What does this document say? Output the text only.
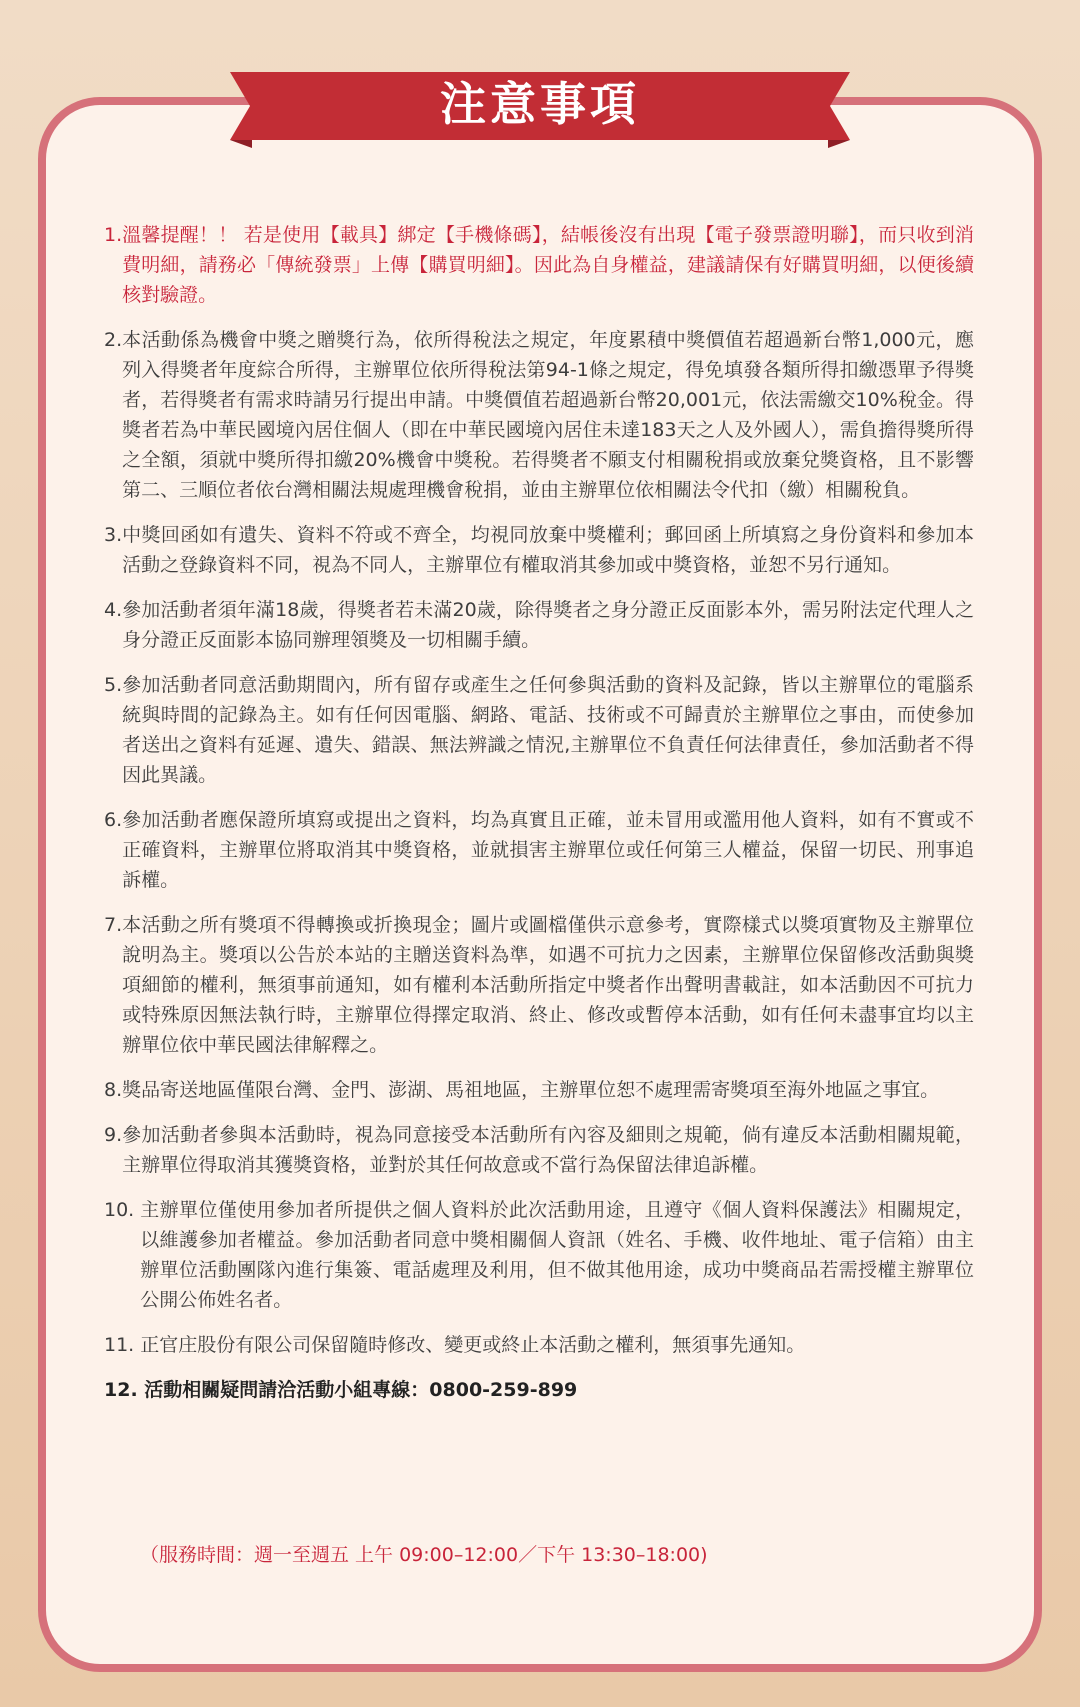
注意事項
1. 溫馨提醒！！ 若是使用【載具】綁定【手機條碼】，結帳後沒有出現【電子發票證明聯】，而只收到消費明細，請務必「傳統發票」上傳【購買明細】。因此為自身權益，建議請保有好購買明細，以便後續核對驗證。
2. 本活動係為機會中獎之贈獎行為，依所得稅法之規定，年度累積中獎價值若超過新台幣1,000元，應列入得獎者年度綜合所得，主辦單位依所得稅法第94-1條之規定，得免填發各類所得扣繳憑單予得獎者，若得獎者有需求時請另行提出申請。中獎價值若超過新台幣20,001元，依法需繳交10%稅金。得獎者若為中華民國境內居住個人（即在中華民國境內居住未達183天之人及外國人），需負擔得獎所得之全額，須就中獎所得扣繳20%機會中獎稅。若得獎者不願支付相關稅捐或放棄兌獎資格，且不影響第二、三順位者依台灣相關法規處理機會稅捐，並由主辦單位依相關法令代扣（繳）相關稅負。
3. 中獎回函如有遺失、資料不符或不齊全，均視同放棄中獎權利；郵回函上所填寫之身份資料和參加本活動之登錄資料不同，視為不同人，主辦單位有權取消其參加或中獎資格，並恕不另行通知。
4. 參加活動者須年滿18歲，得獎者若未滿20歲，除得獎者之身分證正反面影本外，需另附法定代理人之身分證正反面影本協同辦理領獎及一切相關手續。
5. 參加活動者同意活動期間內，所有留存或產生之任何參與活動的資料及記錄，皆以主辦單位的電腦系統與時間的記錄為主。如有任何因電腦、網路、電話、技術或不可歸責於主辦單位之事由，而使參加者送出之資料有延遲、遺失、錯誤、無法辨識之情況,主辦單位不負責任何法律責任，參加活動者不得因此異議。
6. 參加活動者應保證所填寫或提出之資料，均為真實且正確，並未冒用或濫用他人資料，如有不實或不正確資料，主辦單位將取消其中獎資格，並就損害主辦單位或任何第三人權益，保留一切民、刑事追訴權。
7. 本活動之所有獎項不得轉換或折換現金；圖片或圖檔僅供示意參考，實際樣式以獎項實物及主辦單位說明為主。獎項以公告於本站的主贈送資料為準，如遇不可抗力之因素，主辦單位保留修改活動與獎項細節的權利，無須事前通知，如有權利本活動所指定中獎者作出聲明書載註，如本活動因不可抗力或特殊原因無法執行時，主辦單位得擇定取消、終止、修改或暫停本活動，如有任何未盡事宜均以主辦單位依中華民國法律解釋之。
8. 獎品寄送地區僅限台灣、金門、澎湖、馬祖地區，主辦單位恕不處理需寄獎項至海外地區之事宜。
9. 參加活動者參與本活動時，視為同意接受本活動所有內容及細則之規範，倘有違反本活動相關規範，主辦單位得取消其獲獎資格，並對於其任何故意或不當行為保留法律追訴權。
10. 主辦單位僅使用參加者所提供之個人資料於此次活動用途，且遵守《個人資料保護法》相關規定，以維護參加者權益。參加活動者同意中獎相關個人資訊（姓名、手機、收件地址、電子信箱）由主辦單位活動團隊內進行集簽、電話處理及利用，但不做其他用途，成功中獎商品若需授權主辦單位公開公佈姓名者。
11. 正官庄股份有限公司保留隨時修改、變更或終止本活動之權利，無須事先通知。
12. 活動相關疑問請洽活動小組專線：0800-259-899
（服務時間：週一至週五 上午 09:00–12:00／下午 13:30–18:00)
